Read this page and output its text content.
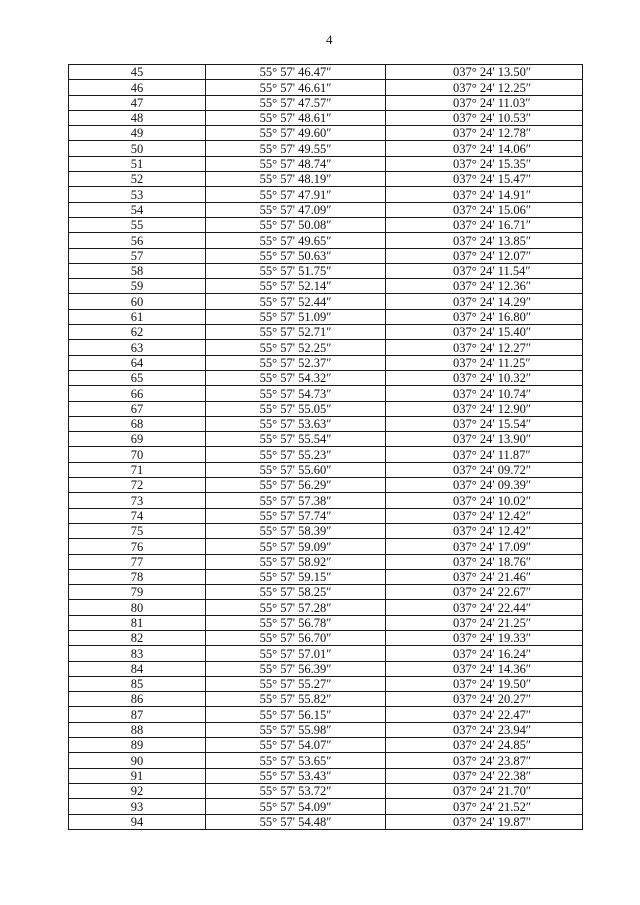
4
45	55° 57' 46.47″	037° 24' 13.50″
46	55° 57' 46.61″	037° 24' 12.25″
47	55° 57' 47.57″	037° 24' 11.03″
48	55° 57' 48.61″	037° 24' 10.53″
49	55° 57' 49.60″	037° 24' 12.78″
50	55° 57' 49.55″	037° 24' 14.06″
51	55° 57' 48.74″	037° 24' 15.35″
52	55° 57' 48.19″	037° 24' 15.47″
53	55° 57' 47.91″	037° 24' 14.91″
54	55° 57' 47.09″	037° 24' 15.06″
55	55° 57' 50.08″	037° 24' 16.71″
56	55° 57' 49.65″	037° 24' 13.85″
57	55° 57' 50.63″	037° 24' 12.07″
58	55° 57' 51.75″	037° 24' 11.54″
59	55° 57' 52.14″	037° 24' 12.36″
60	55° 57' 52.44″	037° 24' 14.29″
61	55° 57' 51.09″	037° 24' 16.80″
62	55° 57' 52.71″	037° 24' 15.40″
63	55° 57' 52.25″	037° 24' 12.27″
64	55° 57' 52.37″	037° 24' 11.25″
65	55° 57' 54.32″	037° 24' 10.32″
66	55° 57' 54.73″	037° 24' 10.74″
67	55° 57' 55.05″	037° 24' 12.90″
68	55° 57' 53.63″	037° 24' 15.54″
69	55° 57' 55.54″	037° 24' 13.90″
70	55° 57' 55.23″	037° 24' 11.87″
71	55° 57' 55.60″	037° 24' 09.72″
72	55° 57' 56.29″	037° 24' 09.39″
73	55° 57' 57.38″	037° 24' 10.02″
74	55° 57' 57.74″	037° 24' 12.42″
75	55° 57' 58.39″	037° 24' 12.42″
76	55° 57' 59.09″	037° 24' 17.09″
77	55° 57' 58.92″	037° 24' 18.76″
78	55° 57' 59.15″	037° 24' 21.46″
79	55° 57' 58.25″	037° 24' 22.67″
80	55° 57' 57.28″	037° 24' 22.44″
81	55° 57' 56.78″	037° 24' 21.25″
82	55° 57' 56.70″	037° 24' 19.33″
83	55° 57' 57.01″	037° 24' 16.24″
84	55° 57' 56.39″	037° 24' 14.36″
85	55° 57' 55.27″	037° 24' 19.50″
86	55° 57' 55.82″	037° 24' 20.27″
87	55° 57' 56.15″	037° 24' 22.47″
88	55° 57' 55.98″	037° 24' 23.94″
89	55° 57' 54.07″	037° 24' 24.85″
90	55° 57' 53.65″	037° 24' 23.87″
91	55° 57' 53.43″	037° 24' 22.38″
92	55° 57' 53.72″	037° 24' 21.70″
93	55° 57' 54.09″	037° 24' 21.52″
94	55° 57' 54.48″	037° 24' 19.87″
